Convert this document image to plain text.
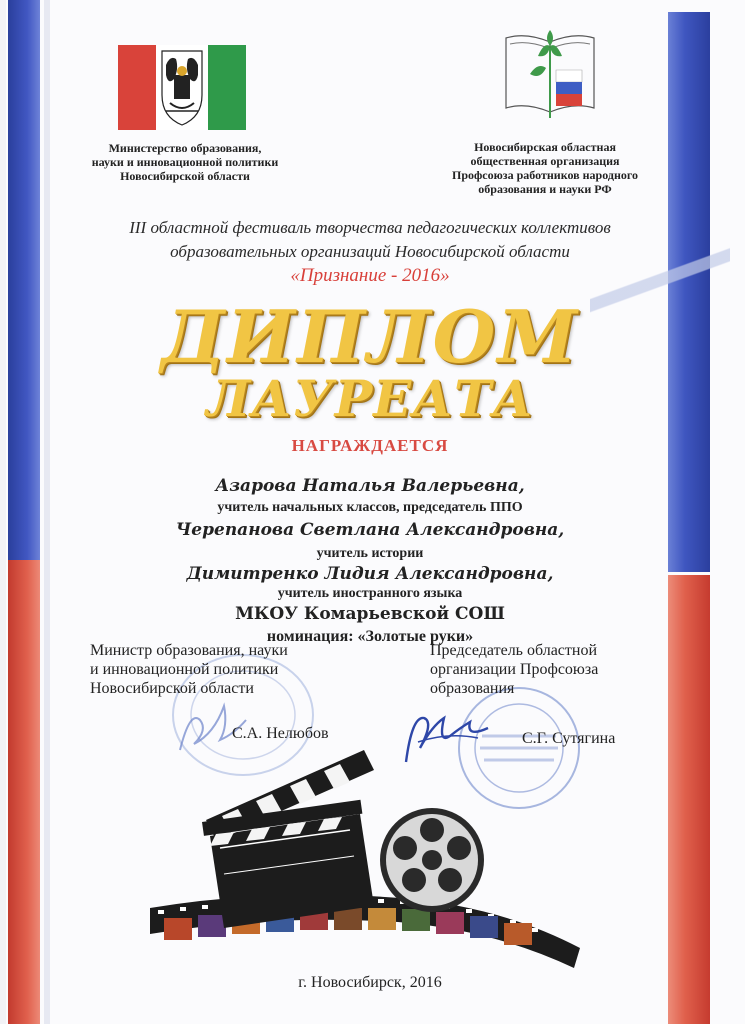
Министерство образования,
науки и инновационной политики
Новосибирской области
Новосибирская областная
общественная организация
Профсоюза работников народного
образования и науки РФ
III областной фестиваль творчества педагогических коллективов
образовательных организаций Новосибирской области
«Признание - 2016»
ДИПЛОМ
ЛАУРЕАТА
НАГРАЖДАЕТСЯ
Азарова Наталья Валерьевна,
учитель начальных классов, председатель ППО
Черепанова Светлана Александровна,
учитель истории
Димитренко Лидия Александровна,
учитель иностранного языка
МКОУ Комарьевской СОШ
номинация: «Золотые руки»
Министр образования, науки
и инновационной политики
Новосибирской области
Председатель областной
организации Профсоюза
образования
С.А. Нелюбов	С.Г. Сутягина
г. Новосибирск, 2016
